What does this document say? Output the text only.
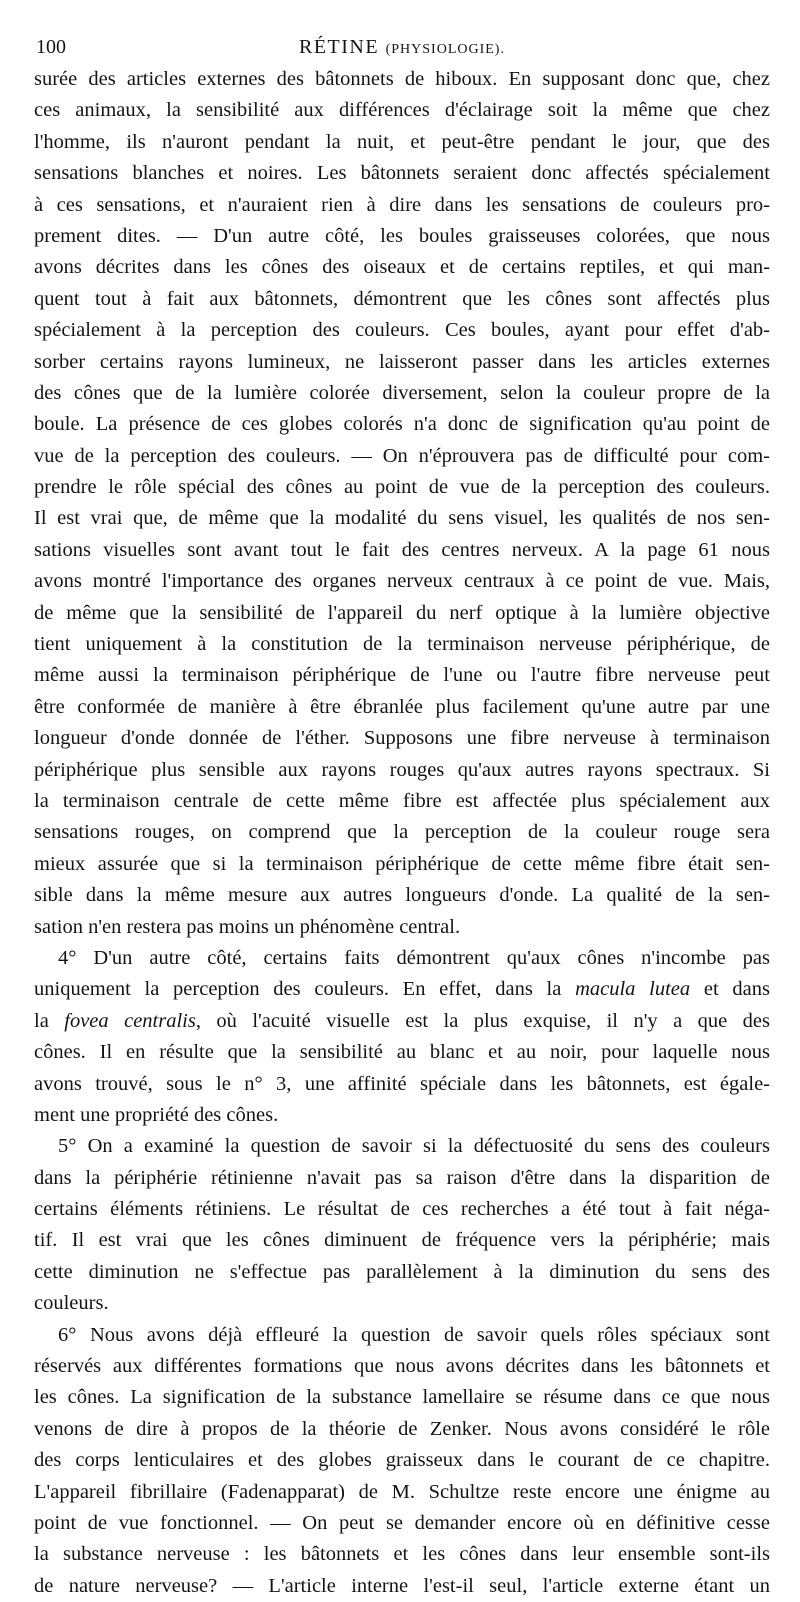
100	RÉTINE (PHYSIOLOGIE).
surée des articles externes des bâtonnets de hiboux. En supposant donc que, chez
ces animaux, la sensibilité aux différences d'éclairage soit la même que chez
l'homme, ils n'auront pendant la nuit, et peut-être pendant le jour, que des
sensations blanches et noires. Les bâtonnets seraient donc affectés spécialement
à ces sensations, et n'auraient rien à dire dans les sensations de couleurs pro-
prement dites. — D'un autre côté, les boules graisseuses colorées, que nous
avons décrites dans les cônes des oiseaux et de certains reptiles, et qui man-
quent tout à fait aux bâtonnets, démontrent que les cônes sont affectés plus
spécialement à la perception des couleurs. Ces boules, ayant pour effet d'ab-
sorber certains rayons lumineux, ne laisseront passer dans les articles externes
des cônes que de la lumière colorée diversement, selon la couleur propre de la
boule. La présence de ces globes colorés n'a donc de signification qu'au point de
vue de la perception des couleurs. — On n'éprouvera pas de difficulté pour com-
prendre le rôle spécial des cônes au point de vue de la perception des couleurs.
Il est vrai que, de même que la modalité du sens visuel, les qualités de nos sen-
sations visuelles sont avant tout le fait des centres nerveux. A la page 61 nous
avons montré l'importance des organes nerveux centraux à ce point de vue. Mais,
de même que la sensibilité de l'appareil du nerf optique à la lumière objective
tient uniquement à la constitution de la terminaison nerveuse périphérique, de
même aussi la terminaison périphérique de l'une ou l'autre fibre nerveuse peut
être conformée de manière à être ébranlée plus facilement qu'une autre par une
longueur d'onde donnée de l'éther. Supposons une fibre nerveuse à terminaison
périphérique plus sensible aux rayons rouges qu'aux autres rayons spectraux. Si
la terminaison centrale de cette même fibre est affectée plus spécialement aux
sensations rouges, on comprend que la perception de la couleur rouge sera
mieux assurée que si la terminaison périphérique de cette même fibre était sen-
sible dans la même mesure aux autres longueurs d'onde. La qualité de la sen-
sation n'en restera pas moins un phénomène central.
4° D'un autre côté, certains faits démontrent qu'aux cônes n'incombe pas
uniquement la perception des couleurs. En effet, dans la macula lutea et dans
la fovea centralis, où l'acuité visuelle est la plus exquise, il n'y a que des
cônes. Il en résulte que la sensibilité au blanc et au noir, pour laquelle nous
avons trouvé, sous le n° 3, une affinité spéciale dans les bâtonnets, est égale-
ment une propriété des cônes.
5° On a examiné la question de savoir si la défectuosité du sens des couleurs
dans la périphérie rétinienne n'avait pas sa raison d'être dans la disparition de
certains éléments rétiniens. Le résultat de ces recherches a été tout à fait néga-
tif. Il est vrai que les cônes diminuent de fréquence vers la périphérie; mais
cette diminution ne s'effectue pas parallèlement à la diminution du sens des
couleurs.
6° Nous avons déjà effleuré la question de savoir quels rôles spéciaux sont
réservés aux différentes formations que nous avons décrites dans les bâtonnets et
les cônes. La signification de la substance lamellaire se résume dans ce que nous
venons de dire à propos de la théorie de Zenker. Nous avons considéré le rôle
des corps lenticulaires et des globes graisseux dans le courant de ce chapitre.
L'appareil fibrillaire (Fadenapparat) de M. Schultze reste encore une énigme au
point de vue fonctionnel. — On peut se demander encore où en définitive cesse
la substance nerveuse : les bâtonnets et les cônes dans leur ensemble sont-ils
de nature nerveuse? — L'article interne l'est-il seul, l'article externe étant un
